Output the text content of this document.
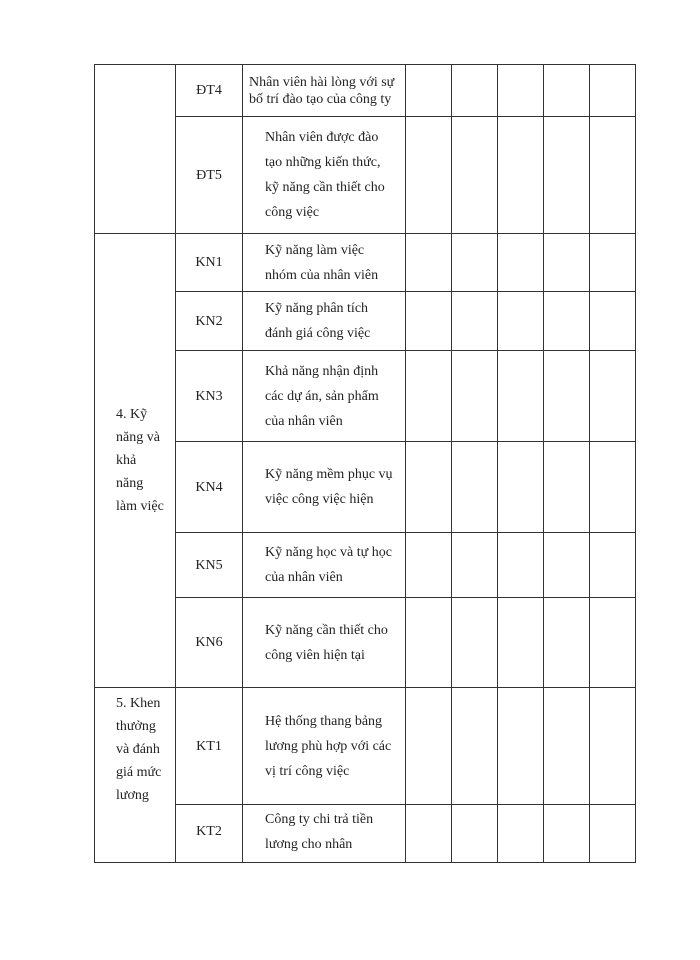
	ĐT4	Nhân viên hài lòng với sự bố trí đào tạo của công ty					
	ĐT5	Nhân viên được đào tạo những kiến thức, kỹ năng cần thiết cho công việc					

4. Kỹ năng và khả năng làm việc	KN1	Kỹ năng làm việc nhóm của nhân viên					
	KN2	Kỹ năng phân tích đánh giá công việc					
	KN3	Khả năng nhận định các dự án, sản phẩm của nhân viên					
	KN4	Kỹ năng mềm phục vụ việc công việc hiện					
	KN5	Kỹ năng học và tự học của nhân viên					
	KN6	Kỹ năng cần thiết cho công viên hiện tại					

5. Khen thưởng và đánh giá mức lương	KT1	Hệ thống thang bảng lương phù hợp với các vị trí công việc					
	KT2	Công ty chi trả tiền lương cho nhân					
